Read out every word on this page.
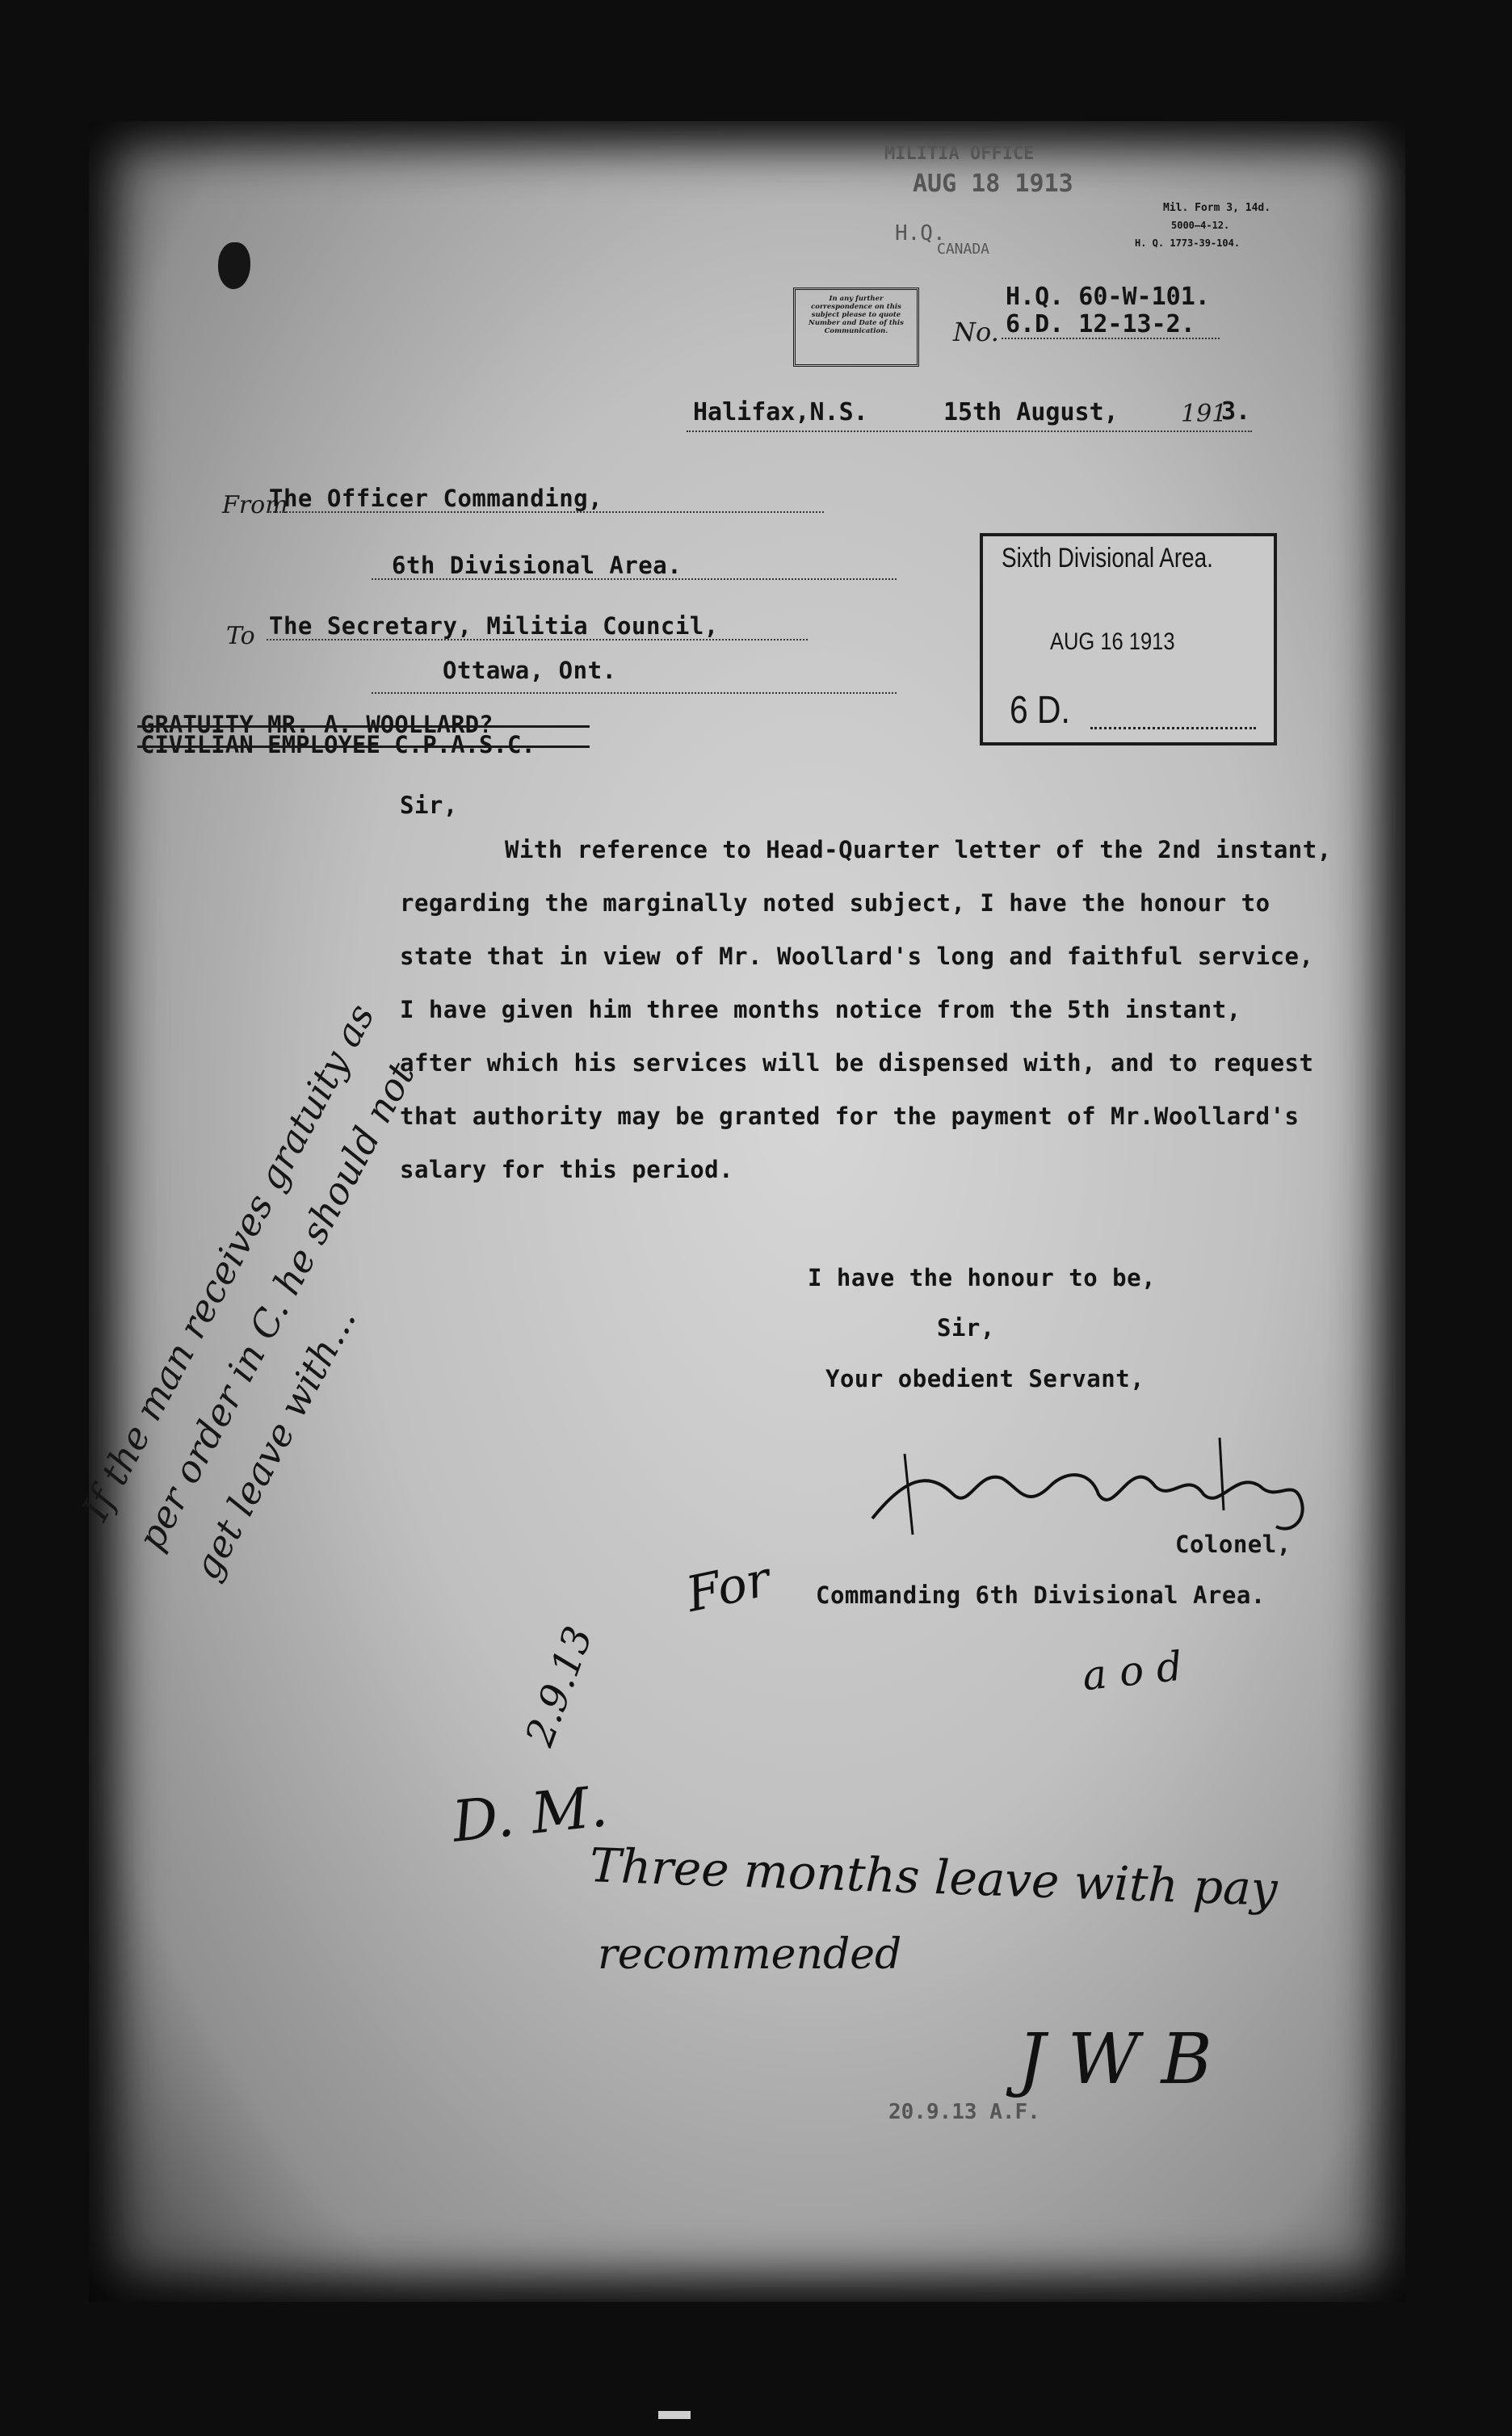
MILITIA OFFICE
AUG 18 1913
H.Q.
CANADA
Mil. Form 3, 14d.
5000—4-12.
H. Q. 1773-39-104.
In any further correspondence on this subject please to quote Number and Date of this Communication.	No.
H.Q. 60-W-101.
6.D. 12-13-2.
Halifax,N.S.	15th August,	191
3.
From
The Officer Commanding,
6th Divisional Area.
To The Secretary, Militia Council,
Ottawa, Ont.
Sixth Divisional Area.
AUG 16 1913
6 D.
GRATUITY MR. A. WOOLLARD?
CIVILIAN EMPLOYEE C.P.A.S.C.
Sir,
With reference to Head-Quarter letter of the 2nd instant,
regarding the marginally noted subject, I have the honour to
state that in view of Mr. Woollard's long and faithful service,
I have given him three months notice from the 5th instant,
after which his services will be dispensed with, and to request
that authority may be granted for the payment of Mr.Woollard's
salary for this period.
I have the honour to be,
Sir,
Your obedient Servant,
Colonel,
For Commanding 6th Divisional Area.
a o d
If the man receives gratuity as per order in C. he should not get leave with...
2.9.13
D. M.
Three months leave with pay
recommended
J W B
20.9.13 A.F.
